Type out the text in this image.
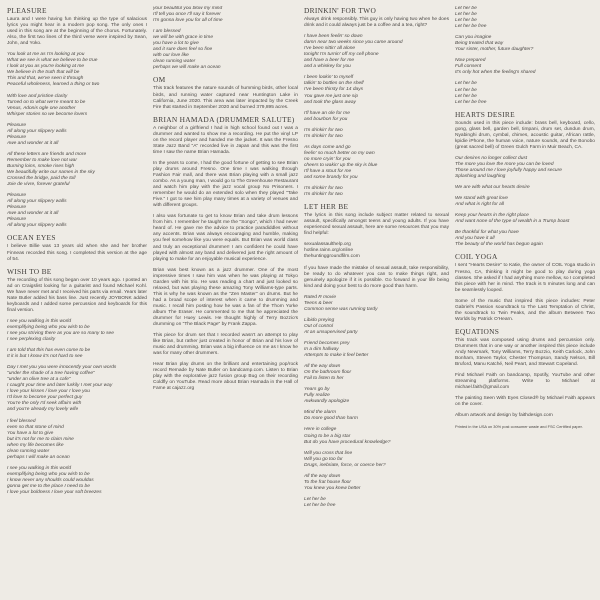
PLEASURE

Laura and I were having fun thinking up the type of salacious lyrics you might hear in a modern pop song. The only ones I used in this song are at the beginning of the chorus. Fortunately. Also, the first two lines of the third verse were inspired by Sean, John, and Yoko.

You look at me as I'm looking at you
What we see is what we believe to be true
I look at you as you're looking at me
We believe in the truth that will be
This and that, we've seen it through
Peaceful wholeness, learned a thing or two
With love and pristine clarity
Turned on to what we're meant to be
Venus, Adonis ogle one another
Whisper stories so we become lovers
Pleasure
All along your slippery walls
Pleasure
Awe and wonder at it all
All these letters are friends and more
Remember to make love not war
Burning loins, smoke rises high
We beautifully write our names in the sky
Crossed the bridge, paid the toll
Joie de vivre, forever grateful
Pleasure
All along your slippery walls
Pleasure
Awe and wonder at it all
Pleasure
All along your slippery walls
OCEAN EYES

I believe Billie was 13 years old when she and her brother Finneas recorded this song. I completed this version at the age of 54.

WISH TO BE

The recording of this song began over 10 years ago. I posted an ad on Craigslist looking for a guitarist and found Michael Kohl. We have never met and I received his parts via email. Years later Nate Butler added his bass line. Just recently JOYBONK added keyboards and I added some percussion and keyboards for this final version.

I see you walking in this world
exemplifying being who you wish to be
I see you striving there as you are so many to see
I see perplexing clarity
I am told that this has even come to be
It it is but I know it's not hard to see
Day I met you you were innocently your own words
"under the shade of a tree having coffee"
"under an olive tree at a cafe"
I caught your time and later lurkily I met your way
I love your kisses / love your I love you
I'd love to become your perfect guy
You're the only I'd seek affairs with
and you're already my lovely wife
I feel blessed
even so that stone of mind
You have a lot to give
but it's not for me to claim mine
when my life becomes like
clean running water
perhaps I will make an ocean
I see you walking in this world
exemplifying being who you wish to be
I know never any shoulds could wouldas
gonna get me to the place I need to be
I love your boldness I love your soft breezes
your beautiful you blow my mind
I'll tell you once I'll say it forever
I'm gonna love you for all of time
I am blessed
we will be with grace in time
you have a lot to give
and it sure does feel so fine
with our love like
clean running water
perhaps we will make an ocean
OM

This track features the nature sounds of humming birds, other local birds, and running water captured near Huntington Lake in California, June 2020. This area was later impacted by the Creek Fire that started in September 2020 and burned 379,895 acres.

BRIAN HAMADA (DRUMMER SALUTE)

A neighbor of a girlfriend I had in high school found out I was a drummer and wanted to show me a recording. He put the vinyl LP on the record player and handed me the jacket. It was the Fresno State Jazz Band "A" recorded live in Japan and this was the first time I saw the name Brian Hamada.

In the years to come, I had the good fortune of getting to see Brian play drums around Fresno. One time I was walking through Fashion Fair mall, and there was Brian playing with a small jazz combo. As a young man, I would go to The Greenhouse Restaurant and watch him play with the jazz vocal group No Prisoners. I remember he would do an extended solo when they played "Take Five." I got to see him play many times at a variety of venues and with different groups.

I also was fortunate to get to know Brian and take drum lessons from him. I remember he taught me the "Songo", which I had never heard of. He gave me the advice to practice paradiddles without any accents. Brian was always encouraging and humble, making you feel somehow like you were equals. But Brian was world class and truly an exceptional drummer! I am confident he could have played with almost any band and delivered just the right amount of playing to make for an enjoyable musical experience.

Brian was best known as a jazz drummer. One of the most impressive times I saw him was when he was playing at Tokyo Garden with his trio. He was reading a chart and just looked so relaxed, but was playing these amazing Tony Williams-type parts. This is why he was known as the "Zen Master" on drums. But he had a broad scope of interest when it came to drumming and music. I recall him posting how he was a fan of the Thom Yorke album The Eraser. He commented to me that he appreciated the drummer for Huey Lewis. He thought highly of Terry Bozzio's drumming on "The Black Page" by Frank Zappa.

This piece for drum set that I recorded wasn't an attempt to play like Brian, but rather just created in honor of Brian and his love of music and drumming. Brian was a big influence on me as I know he was for many other drummers.

Hear Brian play drums on the brilliant and entertaining pop/rock record Remade by Nate Butler on bandcamp.com. Listen to Brian play with the explorative jazz fusion group Bug on their recording Coldfly on YouTube. Read more about Brian Hamada in the Hall of Fame at cajazz.org

DRINKIN' FOR TWO

Always drink responsibly. This guy is only having two when he does drink and it could always just be a coffee and a tea, right?

I have been feelin' so down
damn near two weeks since you came around
I've been sittin' all alone
tonight I'm turnin' off my cell phone
and have a beer for me
and a whiskey for you
I been lookin' to myself
talkin' to bottles on the shelf
I've been thirsty for 14 days
You gave me just one sip
and took the glass away
I'll have an ole for me
and bourbon for you
I'm drinkin' for two
I'm drinkin' for two
As days come and go
feelin' so much better on my own
no more cryin' for you
cheers to wakin' up the sky is blue
I'll have a stout for me
and some brandy for you
I'm drinkin' for two
I'm drinkin' for two
LET HER BE

The lyrics in this song include subject matter related to sexual assault, specifically amongst teens and young adults. If you have experienced sexual assault, here are some resources that you may find helpful:

sexualassaulthelp.org
hotline.rainn.org/online
thehuntinggroundfilm.com

If you have made the mistake of sexual assault, take responsibility, be ready to do whatever you can to make things right, and genuinely apologize if it is possible. Go forward in your life being kind and doing your best to do more good than harm.

Rated R movie
Teens & beer
Common sense was running tardy
Libido preying
Out of control
At an unsupervised party
Friend becomes prey
In a dim hallway
Attempts to make it feel better
All the way down
On the bathroom floor
Fail to listen to her
Years go by
Fully realize
Awkwardly apologize
Mind the alarm
Do more good than harm
Here in college
Going to be a big star
But do you have procedural knowledge?
Will you cross that line
Will you go too far
Drugs, inebriate, force, or coerce her?
All the way down
To the frat house floor
You knew you knew better
Let her be
Let her be free
Let her be
Let her be
Let her be
Let her be free
Can you imagine
Being treated that way
Your sister, mother, future daughter?
Now prepared
Full consent
It's only hot when the feeling's shared
Let her be
Let her be
Let her be
Let her be free
HEARTS DESIRE

Sounds used in this piece include: brass bell, keyboard, cello, gong, glass bell, garden bell, timpani, drum set, dundun drum, Nyabinghi drum, cymbal, chimes, acoustic guitar, African rattle, kpidie iPhone, the human voice, nature sounds, and the Bonobo (great sacred bell) of Green Gulch Farm in Muir Beach, CA.

Our desires no longer collect dust
The more you love the more you can be loved
Those around me I love joyfully happy and secure
Splashing and laughing
We are with what our hearts desire
We stand with great love
And what is right for all
Keep your hearts in the right place
And want none of the type of wealth in a Trump boast
Be thankful for what you have
And you have it all
The beauty of the world has begun again
COIL YOGA

I sent "Hearts Desire" to Katie, the owner of COIL Yoga studio in Fresno, CA, thinking it might be good to play during yoga classes. She asked if I had anything more mellow, so I completed this piece with her in mind. The track is 5 minutes long and can be seamlessly looped.

Some of the music that inspired this piece includes: Peter Gabriel's Passion soundtrack to The Last Temptation of Christ, the soundtrack to Twin Peaks, and the album Between Two Worlds by Patrick O'Hearn.

EQUATIONS

This track was composed using drums and percussion only. Drummers that in one way or another inspired this piece include Andy Newmark, Tony Williams, Terry Bozzio, Keith Carlock, John Bonham, Steven Taylor, Chester Thompson, Sandy Nelson, Bill Bruford, Manu Katché, Neil Peart, and Stewart Copeland.

Find Michael Faith on bandcamp, Spotify, YouTube and other streaming platforms. Write to Michael at michael.faith@gmail.com

The painting Seen With Eyes Closed® by Michael Faith appears on the cover.

Album artwork and design by faithdesign.com

Printed in the USA on 30% post consumer waste and FSC Certified paper.
